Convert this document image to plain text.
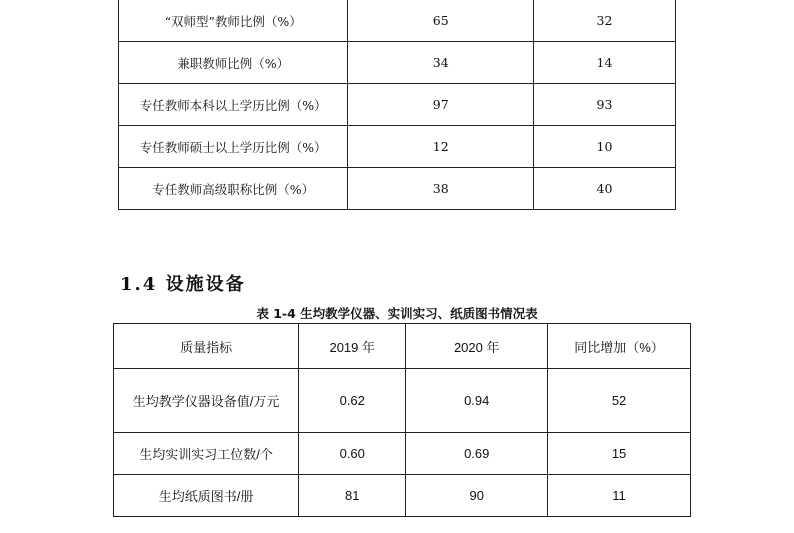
“双师型”教师比例（%）	65	32
兼职教师比例（%）	34	14
专任教师本科以上学历比例（%）	97	93
专任教师硕士以上学历比例（%）	12	10
专任教师高级职称比例（%）	38	40
1.4 设施设备

表 1-4 生均教学仪器、实训实习、纸质图书情况表

质量指标	2019 年	2020 年	同比增加（%）
生均教学仪器设备值/万元	0.62	0.94	52
生均实训实习工位数/个	0.60	0.69	15
生均纸质图书/册	81	90	11
